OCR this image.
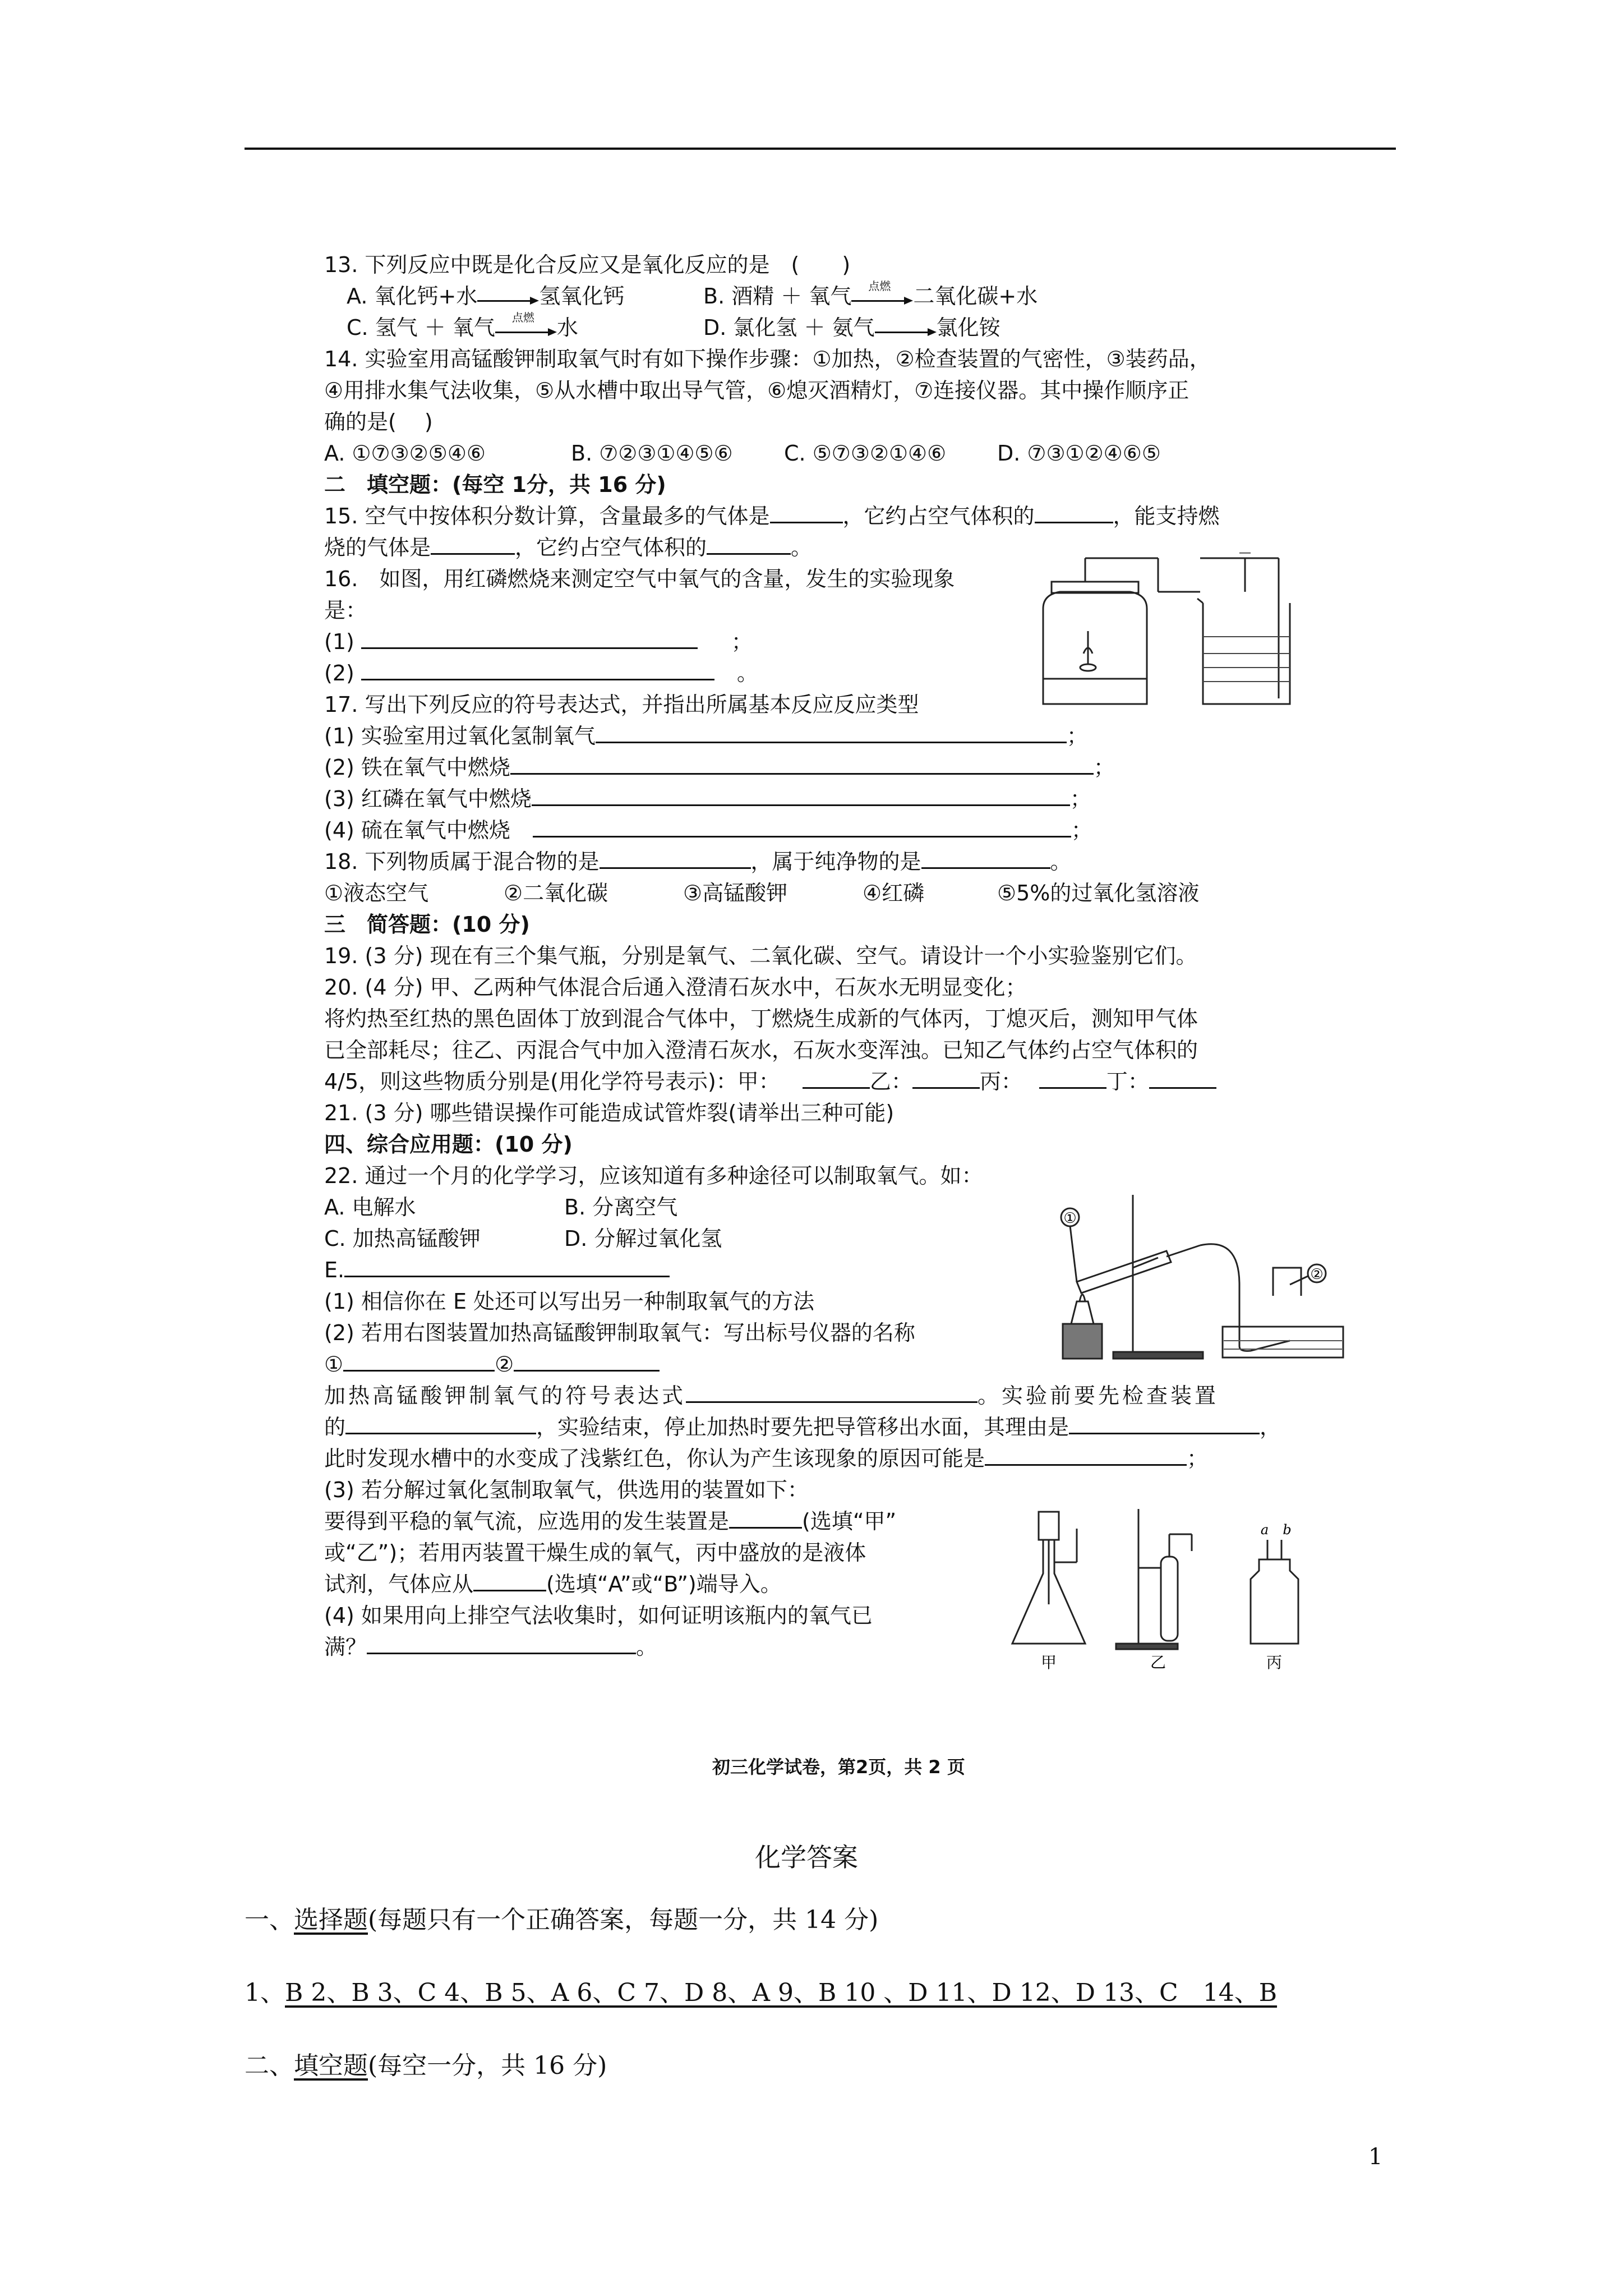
13. 下列反应中既是化合反应又是氧化反应的是　(　　)
A. 氧化钙+水	氢氧化钙	B. 酒精 ＋ 氧气	点燃	二氧化碳+水
C. 氢气 ＋ 氧气	点燃	水	D. 氯化氢 ＋ 氨气	氯化铵
14. 实验室用高锰酸钾制取氧气时有如下操作步骤：①加热，②检查装置的气密性，③装药品，
④用排水集气法收集，⑤从水槽中取出导气管，⑥熄灭酒精灯，⑦连接仪器。其中操作顺序正
确的是(　 )
A. ①⑦③②⑤④⑥	B. ⑦②③①④⑤⑥ C. ⑤⑦③②①④⑥ D. ⑦③①②④⑥⑤
二　填空题：(每空 1分，共 16 分)
15. 空气中按体积分数计算，含量最多的气体是	，它约占空气体积的	，能支持燃
烧的气体是	，它约占空气体积的	。
16.　如图，用红磷燃烧来测定空气中氧气的含量，发生的实验现象
是：
(1)	；
(2)	。
17. 写出下列反应的符号表达式，并指出所属基本反应反应类型
(1) 实验室用过氧化氢制氧气	；
(2) 铁在氧气中燃烧	；
(3) 红磷在氧气中燃烧	；
(4) 硫在氧气中燃烧	；
18. 下列物质属于混合物的是	，属于纯净物的是	。
①液态空气	②二氧化碳	③高锰酸钾	④红磷	⑤5%的过氧化氢溶液
三　简答题：(10 分)
19. (3 分) 现在有三个集气瓶，分别是氧气、二氧化碳、空气。请设计一个小实验鉴别它们。
20. (4 分) 甲、乙两种气体混合后通入澄清石灰水中，石灰水无明显变化；
将灼热至红热的黑色固体丁放到混合气体中，丁燃烧生成新的气体丙，丁熄灭后，测知甲气体
已全部耗尽；往乙、丙混合气中加入澄清石灰水，石灰水变浑浊。已知乙气体约占空气体积的
4/5，则这些物质分别是(用化学符号表示)：甲：	乙：	丙：	丁：
21. (3 分) 哪些错误操作可能造成试管炸裂(请举出三种可能)
四、综合应用题：(10 分)
22. 通过一个月的化学学习，应该知道有多种途径可以制取氧气。如：
A. 电解水	B. 分离空气
C. 加热高锰酸钾	D. 分解过氧化氢
E.
(1) 相信你在 E 处还可以写出另一种制取氧气的方法
(2) 若用右图装置加热高锰酸钾制取氧气：写出标号仪器的名称
①	②
加热高锰酸钾制氧气的符号表达式	。实验前要先检查装置
的	，实验结束，停止加热时要先把导管移出水面，其理由是	，
此时发现水槽中的水变成了浅紫红色，你认为产生该现象的原因可能是	；
(3) 若分解过氧化氢制取氧气，供选用的装置如下：
要得到平稳的氧气流，应选用的发生装置是	(选填“甲”
或“乙”)；若用丙装置干燥生成的氧气，丙中盛放的是液体
试剂，气体应从	(选填“A”或“B”)端导入。
(4) 如果用向上排空气法收集时，如何证明该瓶内的氧气已
满？	。
①
②
甲	乙	丙
a b
初三化学试卷，第2页，共 2 页
化学答案
一、选择题(每题只有一个正确答案，每题一分，共 14 分)
1、B 2、B 3、C 4、B 5、A 6、C 7、D 8、A 9、B 10 、D 11、D 12、D 13、C　14、B
二、填空题(每空一分，共 16 分)
1
